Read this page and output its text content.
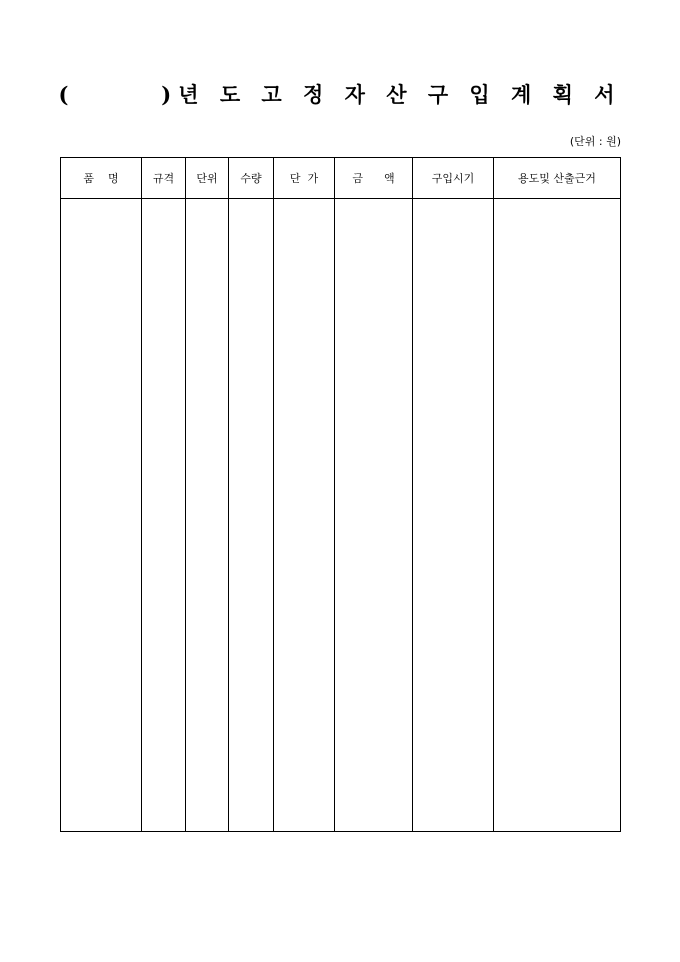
(      )년 도 고 정 자 산 구 입 계 획 서
(단위 : 원)
품    명	규격	단위	수량	단  가	금      액	구입시기	용도및 산출근거
